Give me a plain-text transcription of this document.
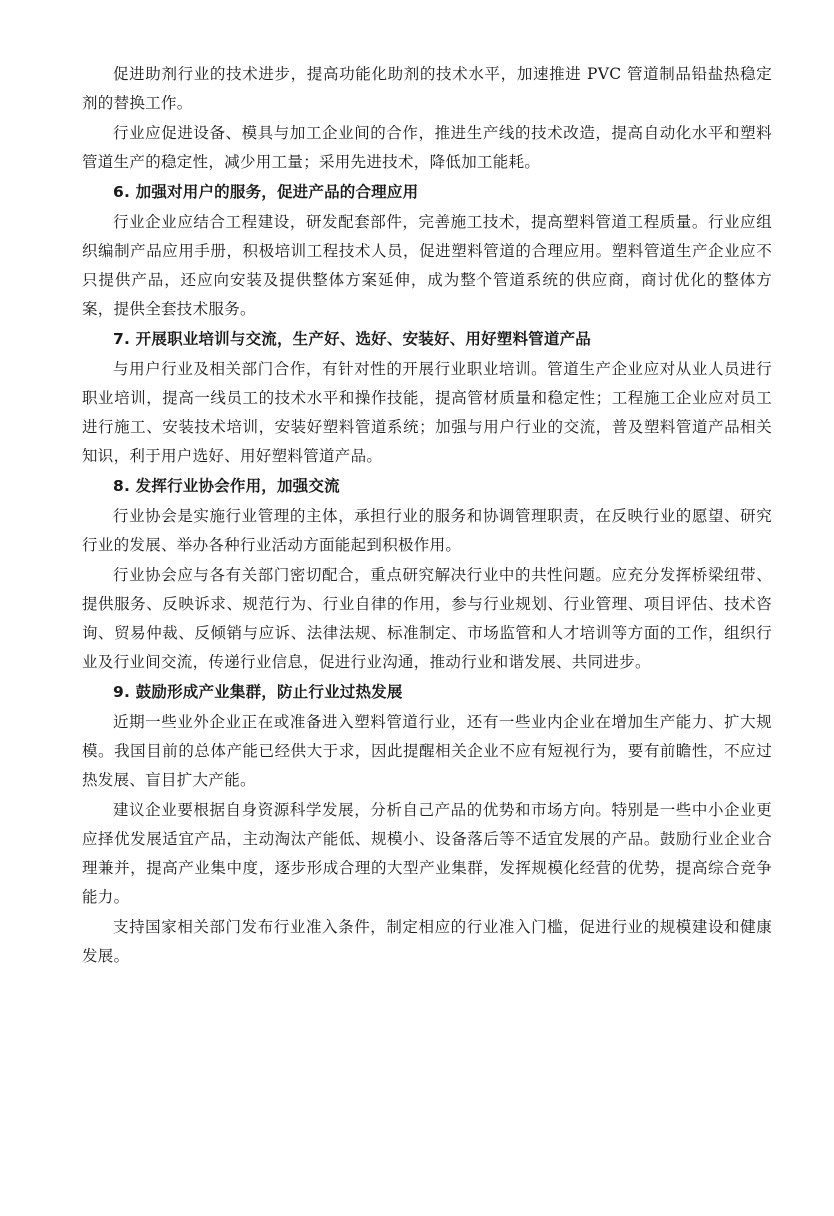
促进助剂行业的技术进步，提高功能化助剂的技术水平，加速推进 PVC 管道制品铅盐热稳定剂的替换工作。

行业应促进设备、模具与加工企业间的合作，推进生产线的技术改造，提高自动化水平和塑料管道生产的稳定性，减少用工量；采用先进技术，降低加工能耗。

6. 加强对用户的服务，促进产品的合理应用

行业企业应结合工程建设，研发配套部件，完善施工技术，提高塑料管道工程质量。行业应组织编制产品应用手册，积极培训工程技术人员，促进塑料管道的合理应用。塑料管道生产企业应不只提供产品，还应向安装及提供整体方案延伸，成为整个管道系统的供应商，商讨优化的整体方案，提供全套技术服务。

7. 开展职业培训与交流，生产好、选好、安装好、用好塑料管道产品

与用户行业及相关部门合作，有针对性的开展行业职业培训。管道生产企业应对从业人员进行职业培训，提高一线员工的技术水平和操作技能，提高管材质量和稳定性；工程施工企业应对员工进行施工、安装技术培训，安装好塑料管道系统；加强与用户行业的交流，普及塑料管道产品相关知识，利于用户选好、用好塑料管道产品。

8. 发挥行业协会作用，加强交流

行业协会是实施行业管理的主体，承担行业的服务和协调管理职责，在反映行业的愿望、研究行业的发展、举办各种行业活动方面能起到积极作用。

行业协会应与各有关部门密切配合，重点研究解决行业中的共性问题。应充分发挥桥梁纽带、提供服务、反映诉求、规范行为、行业自律的作用，参与行业规划、行业管理、项目评估、技术咨询、贸易仲裁、反倾销与应诉、法律法规、标准制定、市场监管和人才培训等方面的工作，组织行业及行业间交流，传递行业信息，促进行业沟通，推动行业和谐发展、共同进步。

9. 鼓励形成产业集群，防止行业过热发展

近期一些业外企业正在或准备进入塑料管道行业，还有一些业内企业在增加生产能力、扩大规模。我国目前的总体产能已经供大于求，因此提醒相关企业不应有短视行为，要有前瞻性，不应过热发展、盲目扩大产能。

建议企业要根据自身资源科学发展，分析自己产品的优势和市场方向。特别是一些中小企业更应择优发展适宜产品，主动淘汰产能低、规模小、设备落后等不适宜发展的产品。鼓励行业企业合理兼并，提高产业集中度，逐步形成合理的大型产业集群，发挥规模化经营的优势，提高综合竞争能力。

支持国家相关部门发布行业准入条件，制定相应的行业准入门槛，促进行业的规模建设和健康发展。
